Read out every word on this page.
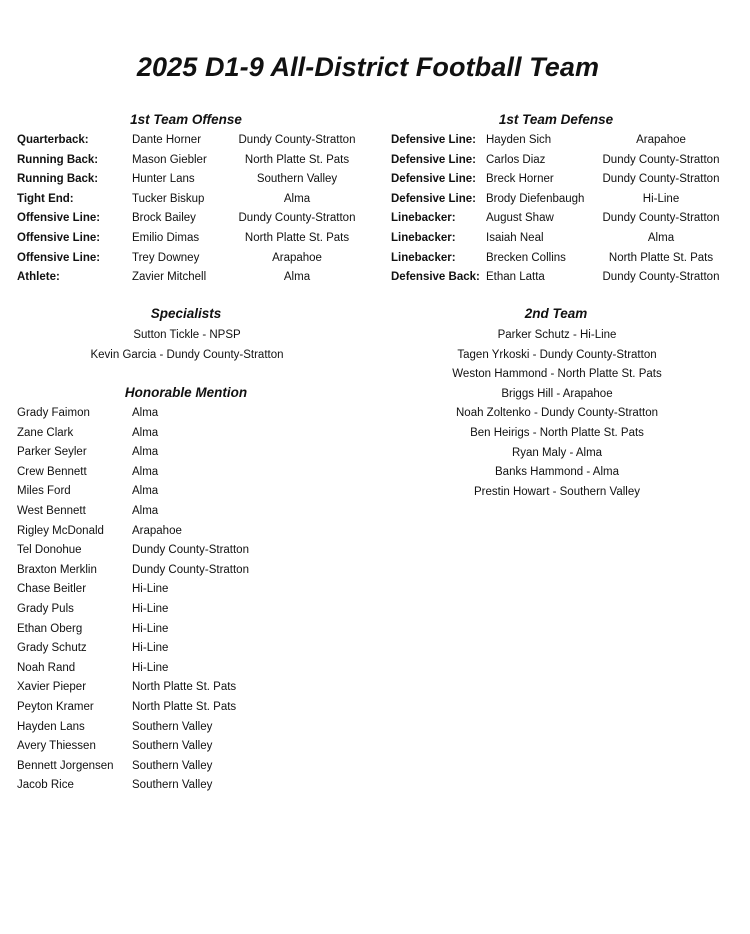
2025 D1-9 All-District Football Team
1st Team Offense
Quarterback:	Dante Horner	Dundy County-Stratton
Running Back:	Mason Giebler	North Platte St. Pats
Running Back:	Hunter Lans	Southern Valley
Tight End:	Tucker Biskup	Alma
Offensive Line:	Brock Bailey	Dundy County-Stratton
Offensive Line:	Emilio Dimas	North Platte St. Pats
Offensive Line:	Trey Downey	Arapahoe
Athlete:	Zavier Mitchell	Alma
1st Team Defense
Defensive Line: Hayden Sich	Arapahoe
Defensive Line: Carlos Diaz	Dundy County-Stratton
Defensive Line: Breck Horner	Dundy County-Stratton
Defensive Line: Brody Diefenbaugh	Hi-Line
Linebacker:	August Shaw	Dundy County-Stratton
Linebacker:	Isaiah Neal	Alma
Linebacker:	Brecken Collins	North Platte St. Pats
Defensive Back: Ethan Latta	Dundy County-Stratton
Specialists
Sutton Tickle - NPSP
Kevin Garcia - Dundy County-Stratton
2nd Team
Parker Schutz - Hi-Line
Tagen Yrkoski - Dundy County-Stratton
Weston Hammond - North Platte St. Pats
Briggs Hill - Arapahoe
Noah Zoltenko - Dundy County-Stratton
Ben Heirigs - North Platte St. Pats
Ryan Maly - Alma
Banks Hammond - Alma
Prestin Howart - Southern Valley
Honorable Mention
Grady Faimon	Alma
Zane Clark	Alma
Parker Seyler	Alma
Crew Bennett	Alma
Miles Ford	Alma
West Bennett	Alma
Rigley McDonald Arapahoe
Tel Donohue	Dundy County-Stratton
Braxton Merklin	Dundy County-Stratton
Chase Beitler	Hi-Line
Grady Puls	Hi-Line
Ethan Oberg	Hi-Line
Grady Schutz	Hi-Line
Noah Rand	Hi-Line
Xavier Pieper	North Platte St. Pats
Peyton Kramer	North Platte St. Pats
Hayden Lans	Southern Valley
Avery Thiessen	Southern Valley
Bennett Jorgensen Southern Valley
Jacob Rice	Southern Valley
